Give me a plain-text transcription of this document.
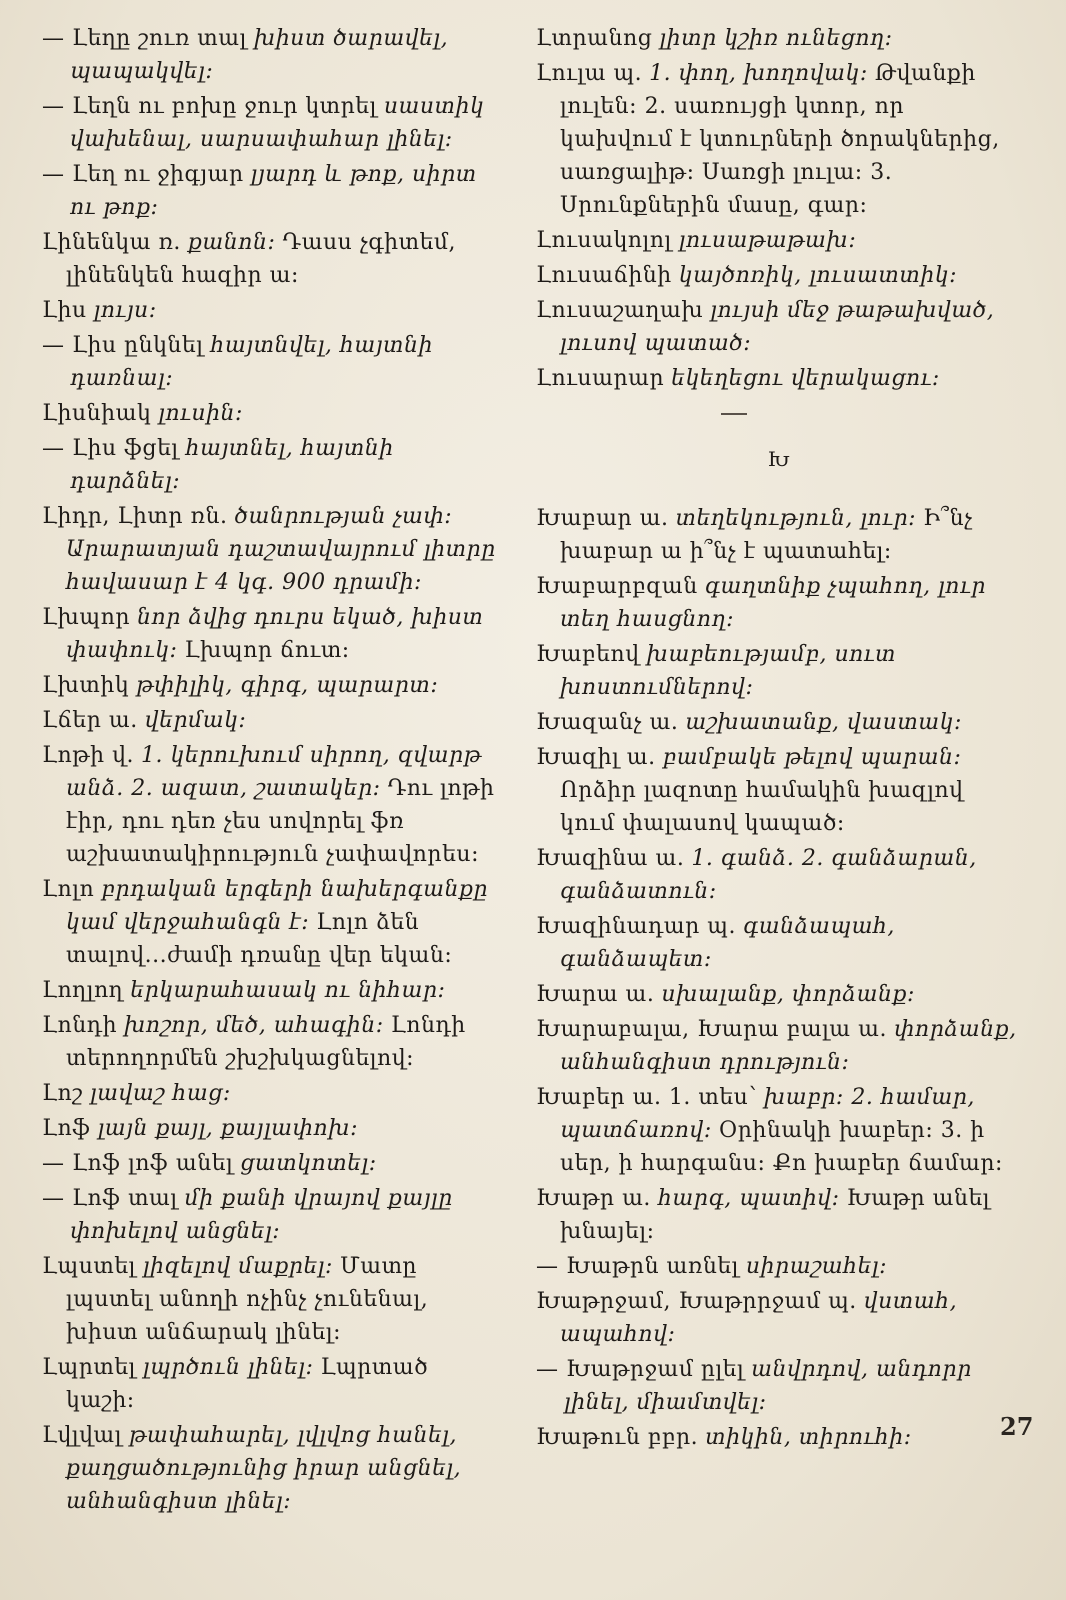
— Լեղը շուռ տալ խիստ ծարավել, պապակվել։

— Լեղն ու բոխը ջուր կտրել սաստիկ վախենալ, սարսափահար լինել։

— Լեղ ու ջիգյար լյարդ և թոք, սիրտ ու թոք։

Լինենկա ռ. քանոն։ Դասս չգիտեմ, լինենկեն հազիր ա։

Լիս լույս։

— Լիս ընկնել հայտնվել, հայտնի դառնալ։

Լիսնիակ լուսին։

— Լիս ֆցել հայտնել, հայտնի դարձնել։

Լիդր, Լիտր ռն. ծանրության չափ։ Արարատյան դաշտավայրում լիտրը հավասար է 4 կգ. 900 դրամի։

Լխպոր նոր ձվից դուրս եկած, խիստ փափուկ։ Լխպոր ճուտ։

Լխտիկ թփիլիկ, գիրգ, պարարտ։

Լճեր ա. վերմակ։

Լոթի վ. 1. կերուխում սիրող, զվարթ անձ. 2. ազատ, շատակեր։ Դու լոթի էիր, դու դեռ չես սովորել ֆռ աշխատակիրություն չափավորես։

Լոլո բրդական երգերի նախերգանքը կամ վերջահանգն է։ Լոլո ձեն տալով...ժամի դռանը վեր եկան։

Լողլող երկարահասակ ու նիհար։

Լոնդի խոշոր, մեծ, ահագին։ Լոնդի տերողորմեն շխշխկացնելով։

Լոշ լավաշ հաց։

Լոֆ լայն քայլ, քայլափոխ։

— Լոֆ լոֆ անել ցատկոտել։

— Լոֆ տալ մի քանի վրայով քայլը փոխելով անցնել։

Լպստել լիզելով մաքրել։ Մատը լպստել անողի ոչինչ չունենալ, խիստ անճարակ լինել։

Լպրտել լպրծուն լինել։ Լպրտած կաշի։

Լվլվալ թափահարել, լվլվոց հանել, քաղցածությունից իրար անցնել, անհանգիստ լինել։

Լտրանոց լիտր կշիռ ունեցող։

Լուլա պ. 1. փող, խողովակ։ Թվանքի լուլեն։ 2. սառույցի կտոր, որ կախվում է կտուրների ծորակներից, սառցալիթ։ Սառցի լուլա։ 3. Սրունքներին մասը, գար։

Լուսակոլոլ լուսաթաթախ։

Լուսաճինի կայծոռիկ, լուսատտիկ։

Լուսաշաղախ լույսի մեջ թաթախված, լուսով պատած։

Լուսարար եկեղեցու վերակացու։

Խ

Խաբար ա. տեղեկություն, լուր։ Ի՞նչ խաբար ա ի՞նչ է պատահել։

Խաբարբզան գաղտնիք չպահող, լուր տեղ հասցնող։

Խաբեով խաբեությամբ, սուտ խոստումներով։

Խազանչ ա. աշխատանք, վաստակ։

Խազիլ ա. բամբակե թելով պարան։ Որձիր լազոտը համակին խազլով կում փալասով կապած։

Խազինա ա. 1. գանձ. 2. գանձարան, գանձատուն։

Խազինադար պ. գանձապահ, գանձապետ։

Խարա ա. սխալանք, փորձանք։

Խարաբալա, Խարա բալա ա. փորձանք, անհանգիստ դրություն։

Խաբեր ա. 1. տես՝ խաբր։ 2. համար, պատճառով։ Օրինակի խաբեր։ 3. ի սեր, ի հարգանս։ Քո խաբեր ճամար։

Խաթր ա. հարգ, պատիվ։ Խաթր անել խնայել։

— Խաթրն առնել սիրաշահել։

Խաթրջամ, Խաթրրջամ պ. վստահ, ապահով։

— Խաթրջամ ըլել անվրդով, անդորր լինել, միամտվել։

Խաթուն բբր. տիկին, տիրուհի։	27
